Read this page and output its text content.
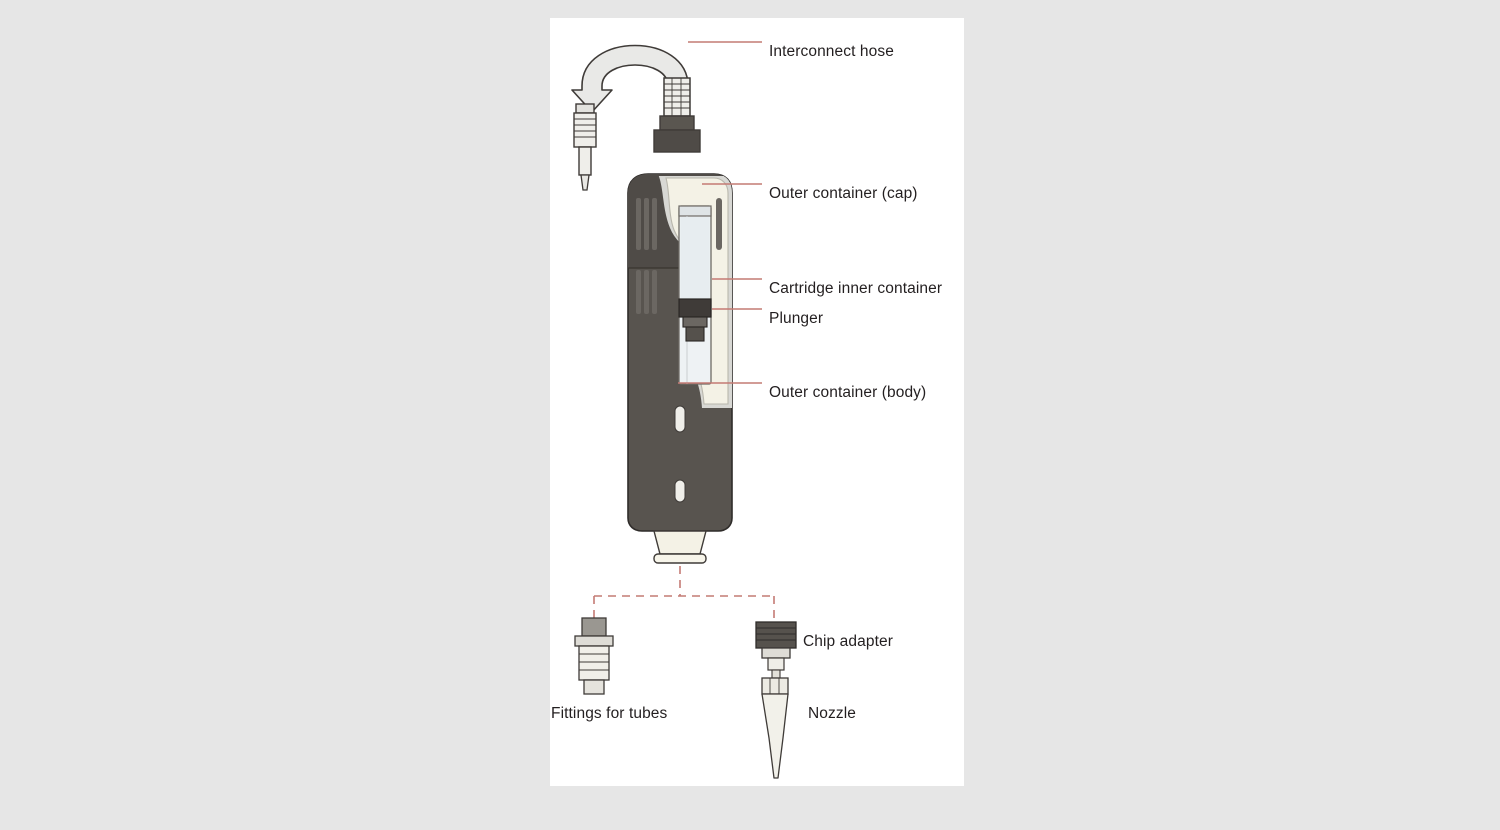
Interconnect hose
Outer container (cap)
Cartridge inner container
Plunger
Outer container (body)
Chip adapter
Fittings for tubes	Nozzle
